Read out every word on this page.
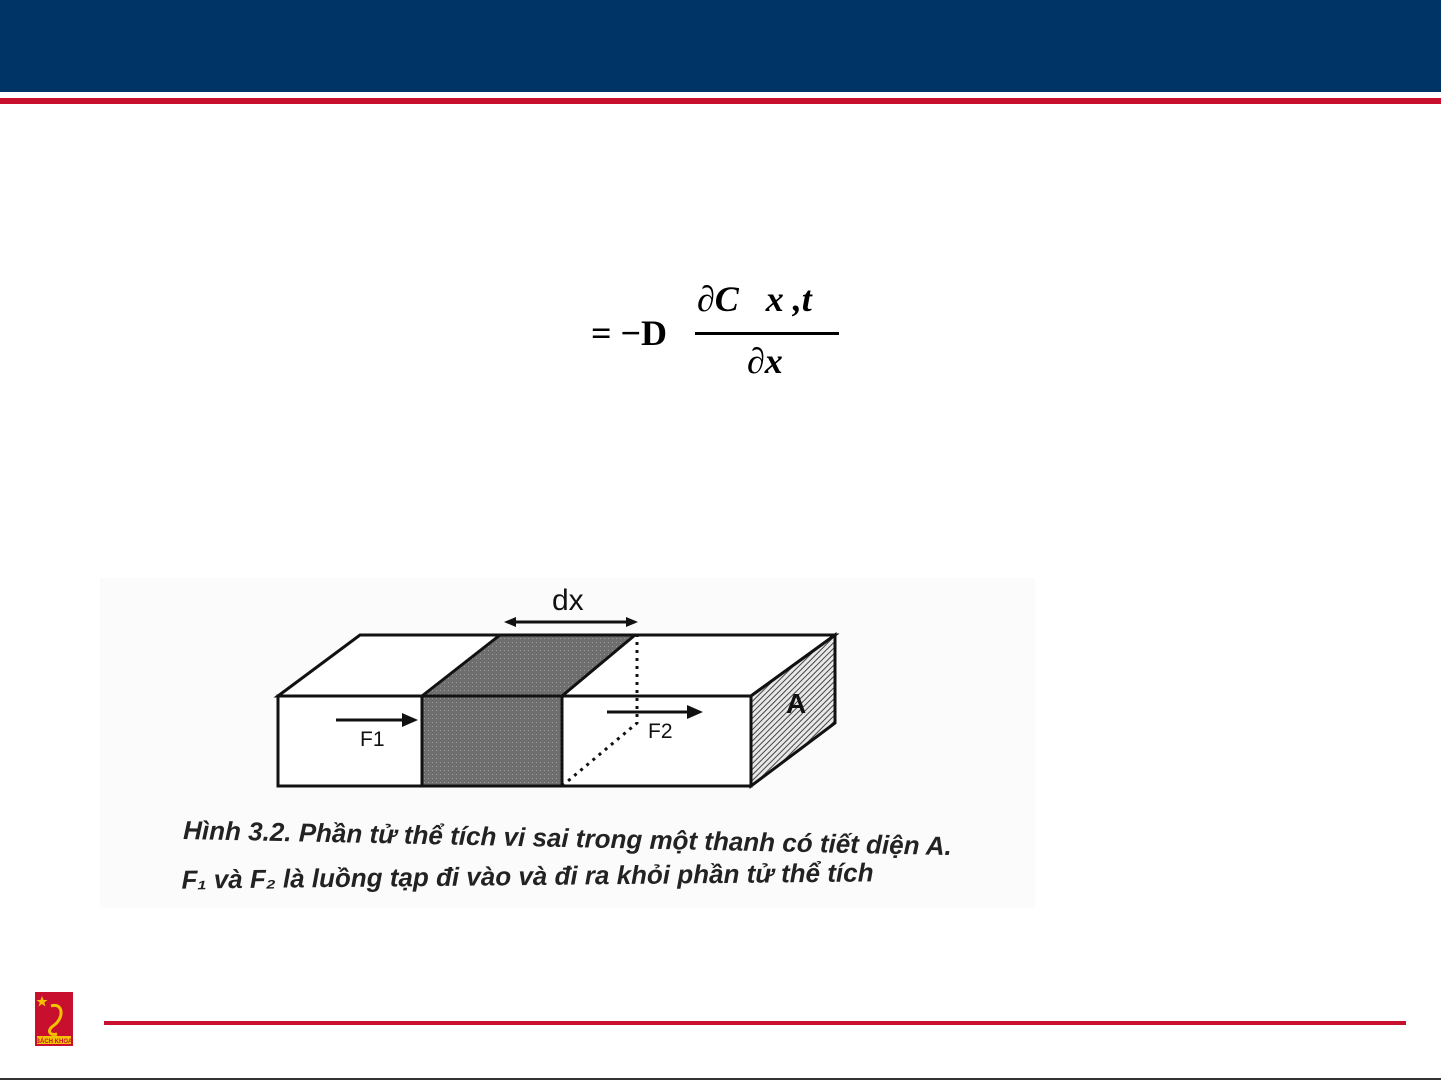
= −D
∂C   x ,t
∂x
dx
F1	F2
A
Hình 3.2. Phần tử thể tích vi sai trong một thanh có tiết diện A.
F₁ và F₂ là luồng tạp đi vào và đi ra khỏi phần tử thể tích
BÁCH KHOA
